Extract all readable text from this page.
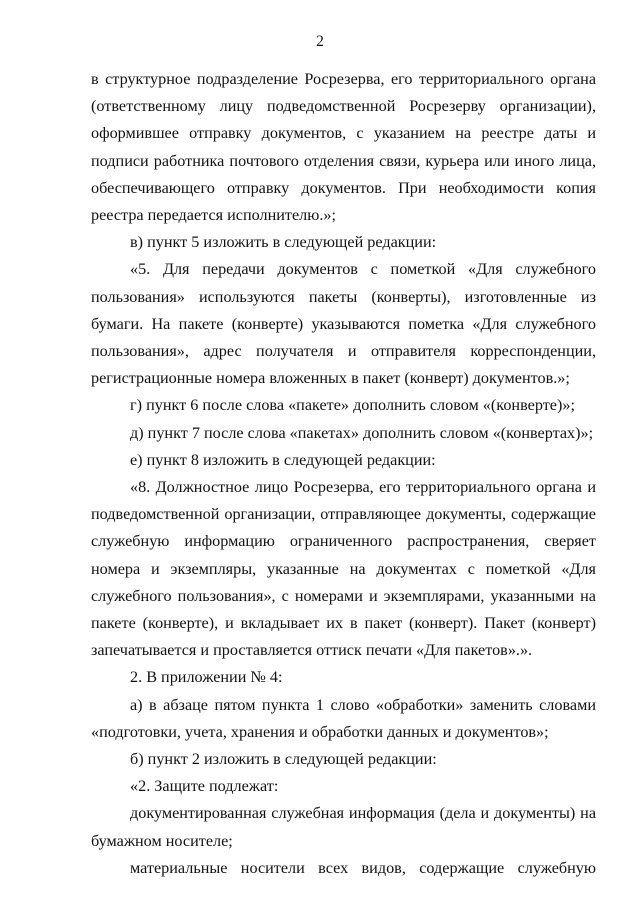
2

в структурное подразделение Росрезерва, его территориального органа (ответственному лицу подведомственной Росрезерву организации), оформившее отправку документов, с указанием на реестре даты и подписи работника почтового отделения связи, курьера или иного лица, обеспечивающего отправку документов. При необходимости копия реестра передается исполнителю.»;

в) пункт 5 изложить в следующей редакции:

«5. Для передачи документов с пометкой «Для служебного пользования» используются пакеты (конверты), изготовленные из бумаги. На пакете (конверте) указываются пометка «Для служебного пользования», адрес получателя и отправителя корреспонденции, регистрационные номера вложенных в пакет (конверт) документов.»;

г) пункт 6 после слова «пакете» дополнить словом «(конверте)»;

д) пункт 7 после слова «пакетах» дополнить словом «(конвертах)»;

е) пункт 8 изложить в следующей редакции:

«8. Должностное лицо Росрезерва, его территориального органа и подведомственной организации, отправляющее документы, содержащие служебную информацию ограниченного распространения, сверяет номера и экземпляры, указанные на документах с пометкой «Для служебного пользования», с номерами и экземплярами, указанными на пакете (конверте), и вкладывает их в пакет (конверт). Пакет (конверт) запечатывается и проставляется оттиск печати «Для пакетов».».

2. В приложении № 4:

а) в абзаце пятом пункта 1 слово «обработки» заменить словами «подготовки, учета, хранения и обработки данных и документов»;

б) пункт 2 изложить в следующей редакции:

«2. Защите подлежат:

документированная служебная информация (дела и документы) на бумажном носителе;

материальные носители всех видов, содержащие служебную
